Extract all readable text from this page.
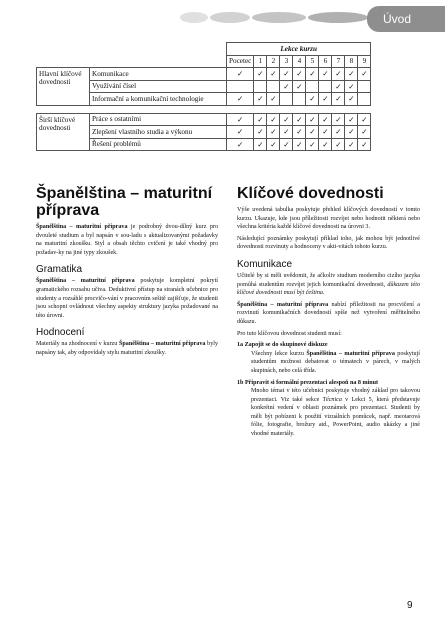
Úvod
		Lekce kurzu									
		Pocetec	1	2	3	4	5	6	7	8	9
Hlavní klíčové dovednosti	Komunikace	✓	✓	✓	✓	✓	✓	✓	✓	✓	✓
	Využívání čísel				✓	✓			✓	✓	
	Informační a komunikační technologie	✓	✓	✓			✓	✓	✓	✓	

Širší klíčové dovednosti	Práce s ostatními	✓	✓	✓	✓	✓	✓	✓	✓	✓	✓
	Zlepšení vlastního studia a výkonu	✓	✓	✓	✓	✓	✓	✓	✓	✓	✓
	Řešení problémů	✓	✓	✓	✓	✓	✓	✓	✓	✓	✓
Španělština – maturitní příprava

Španělština – maturitní příprava je podrobný dvou-dílný kurz pro dvouleté studium a byl napsán v sou-ladu s aktualizovanými požadavky na maturitní zkoušku. Styl a obsah těchto cvičení je také vhodný pro požadav-ky na jiné typy zkoušek.

Gramatika

Španělština – maturitní příprava poskytuje kompletní pokrytí gramatického rozsahu učiva. Deduktivní přístup na stranách učebnice pro studenty a rozsáhlé procvičo-vání v pracovním sešitě zajišťuje, že studenti jsou schopni ovládnout všechny aspekty struktury jazyka požadované na této úrovni.

Hodnocení

Materiály na zhodnocení v kurzu Španělština – maturitní příprava byly napsány tak, aby odpovídaly stylu maturitní zkoušky.

Klíčové dovednosti

Výše uvedená tabulka poskytuje přehled klíčových dovedností v tomto kurzu. Ukazuje, kde jsou příležitosti rozvíjet nebo hodnotit některá nebo všechna kritéria každé klíčové dovednosti na úrovni 3.

Následující poznámky poskytují příklad toho, jak mohou být jednotlivé dovednosti rozvinuty a hodnoceny v akti-vitách tohoto kurzu.

Komunikace

Učitelé by si měli uvědomit, že ačkoliv studium moderního cizího jazyka pomůhá studentům rozvíjet jejich komunikační dovednosti, důkazem této klíčové dovednosti musí být čeština.

Španělština – maturitní příprava nabízí příležitosti na procvičení a rozvinutí komunikačních dovedností spíše než vytvoření měřitelného důkazu.

Pro tuto klíčovou dovednost studenti musí:

1a Zapojit se do skupinové diskuze
Všechny lekce kurzu Španělština – maturitní příprava poskytují studentům možnost debatovat o tématech v párech, v malých skupinách, nebo celá třída.
1b Připravit si formální prezentaci alespoň na 8 minut
Mnoho témat v této učebnici poskytuje vhodný základ pro takovou prezentaci. Viz také sekce Técnica v Lekci 5, která představuje konkrétní vedení v oblasti poznámek pro prezentaci. Studenti by měli být pobízeni k použití vizuálních pomůcek, např. meotarová fólie, fotografie, brožury atd., PowerPoint, audio ukázky a jiné vhodné materiály.
9
